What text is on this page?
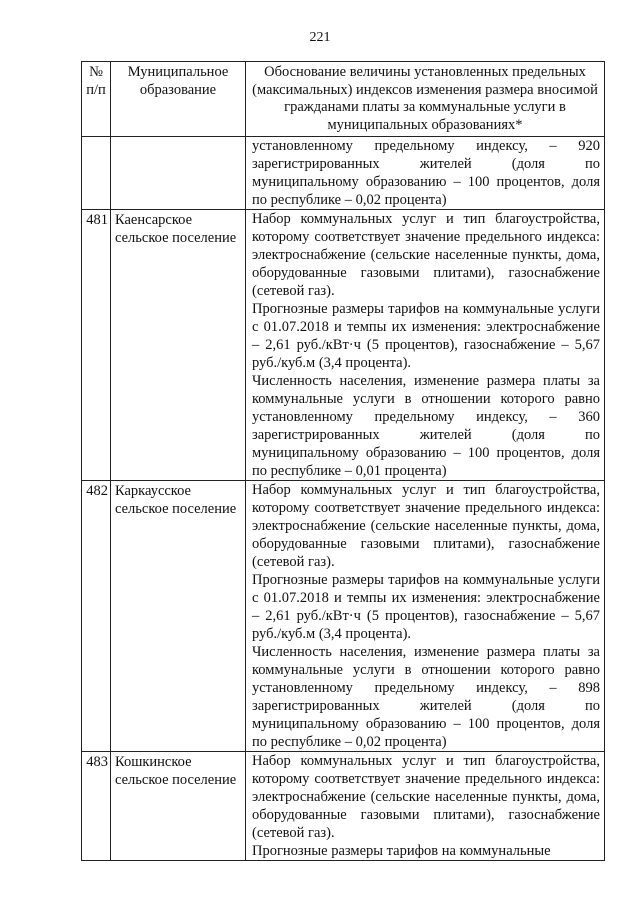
221
№ п/п	Муниципальное образование	Обоснование величины установленных предельных (максимальных) индексов изменения размера вносимой гражданами платы за коммунальные услуги в муниципальных образованиях*

		установленному предельному индексу, – 920 зарегистрированных жителей (доля по муниципальному образованию – 100 процентов, доля по республике – 0,02 процента)

481	Каенсарское сельское поселение	Набор коммунальных услуг и тип благоустройства, которому соответствует значение предельного индекса: электроснабжение (сельские населенные пункты, дома, оборудованные газовыми плитами), газоснабжение (сетевой газ).

Прогнозные размеры тарифов на коммунальные услуги с 01.07.2018 и темпы их изменения: электроснабжение – 2,61 руб./кВт·ч (5 процентов), газоснабжение – 5,67 руб./куб.м (3,4 процента).

Численность населения, изменение размера платы за коммунальные услуги в отношении которого равно установленному предельному индексу, – 360 зарегистрированных жителей (доля по муниципальному образованию – 100 процентов, доля по республике – 0,01 процента)

482	Каркаусское сельское поселение	Набор коммунальных услуг и тип благоустройства, которому соответствует значение предельного индекса: электроснабжение (сельские населенные пункты, дома, оборудованные газовыми плитами), газоснабжение (сетевой газ).

Прогнозные размеры тарифов на коммунальные услуги с 01.07.2018 и темпы их изменения: электроснабжение – 2,61 руб./кВт·ч (5 процентов), газоснабжение – 5,67 руб./куб.м (3,4 процента).

Численность населения, изменение размера платы за коммунальные услуги в отношении которого равно установленному предельному индексу, – 898 зарегистрированных жителей (доля по муниципальному образованию – 100 процентов, доля по республике – 0,02 процента)

483	Кошкинское сельское поселение	Набор коммунальных услуг и тип благоустройства, которому соответствует значение предельного индекса: электроснабжение (сельские населенные пункты, дома, оборудованные газовыми плитами), газоснабжение (сетевой газ).

Прогнозные размеры тарифов на коммунальные
